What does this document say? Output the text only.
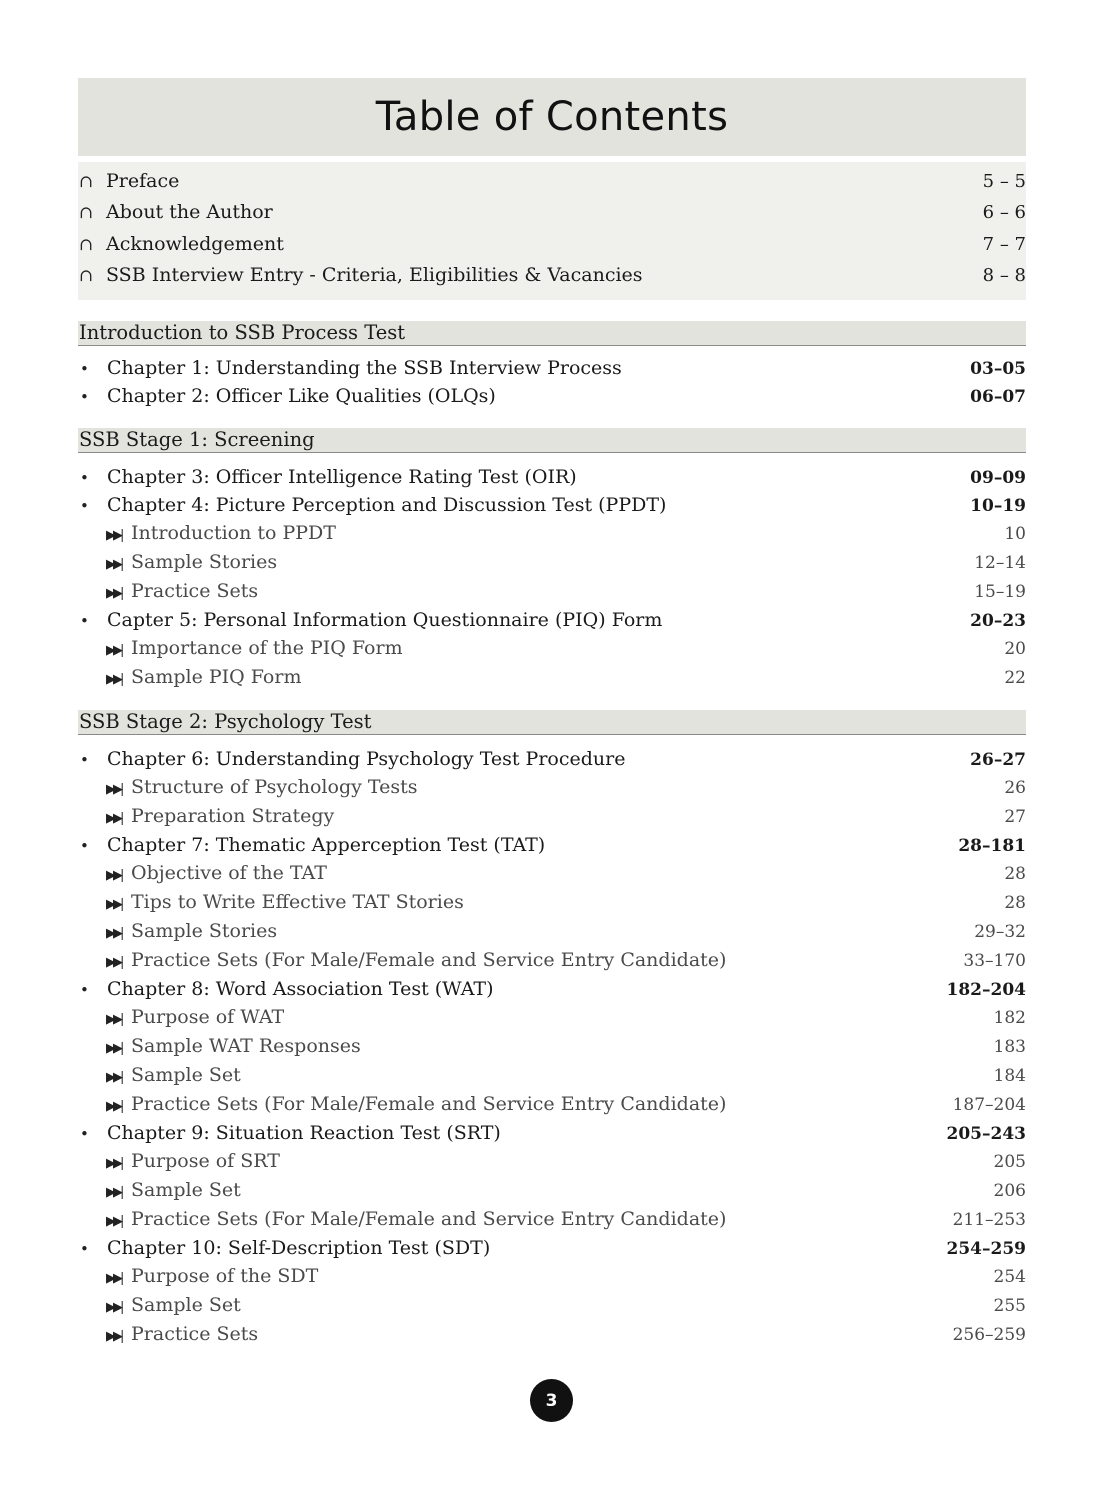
Table of Contents
∩ Preface	5 – 5
∩ About the Author	6 – 6
∩ Acknowledgement	7 – 7
∩ SSB Interview Entry - Criteria, Eligibilities & Vacancies	8 – 8
Introduction to SSB Process Test
• Chapter 1: Understanding the SSB Interview Process	03–05
• Chapter 2: Officer Like Qualities (OLQs)	06–07
SSB Stage 1: Screening
• Chapter 3: Officer Intelligence Rating Test (OIR)	09–09
• Chapter 4: Picture Perception and Discussion Test (PPDT)	10–19
▶▶| Introduction to PPDT	10
▶▶| Sample Stories	12–14
▶▶| Practice Sets	15–19
• Capter 5: Personal Information Questionnaire (PIQ) Form	20–23
▶▶| Importance of the PIQ Form	20
▶▶| Sample PIQ Form	22
SSB Stage 2: Psychology Test
• Chapter 6: Understanding Psychology Test Procedure	26–27
▶▶| Structure of Psychology Tests	26
▶▶| Preparation Strategy	27
• Chapter 7: Thematic Apperception Test (TAT)	28–181
▶▶| Objective of the TAT	28
▶▶| Tips to Write Effective TAT Stories	28
▶▶| Sample Stories	29–32
▶▶| Practice Sets (For Male/Female and Service Entry Candidate)	33–170
• Chapter 8: Word Association Test (WAT)	182–204
▶▶| Purpose of WAT	182
▶▶| Sample WAT Responses	183
▶▶| Sample Set	184
▶▶| Practice Sets (For Male/Female and Service Entry Candidate)	187–204
• Chapter 9: Situation Reaction Test (SRT)	205–243
▶▶| Purpose of SRT	205
▶▶| Sample Set	206
▶▶| Practice Sets (For Male/Female and Service Entry Candidate)	211–253
• Chapter 10: Self-Description Test (SDT)	254–259
▶▶| Purpose of the SDT	254
▶▶| Sample Set	255
▶▶| Practice Sets	256–259
3
